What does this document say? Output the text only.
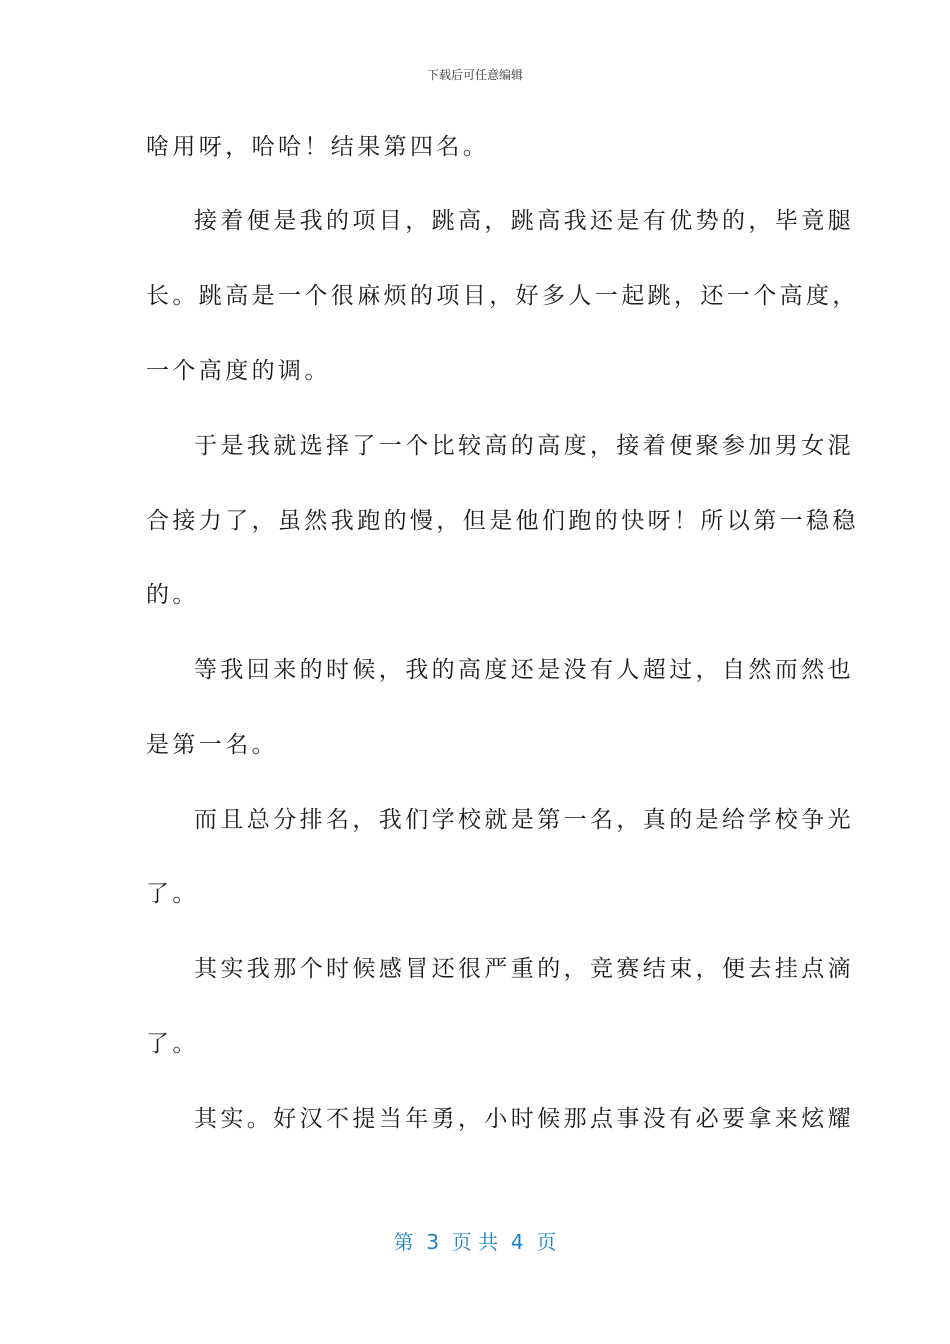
下载后可任意编辑
啥用呀，哈哈！结果第四名。
接着便是我的项目，跳高，跳高我还是有优势的，毕竟腿
长。跳高是一个很麻烦的项目，好多人一起跳，还一个高度，
一个高度的调。
于是我就选择了一个比较高的高度，接着便聚参加男女混
合接力了，虽然我跑的慢，但是他们跑的快呀！所以第一稳稳
的。
等我回来的时候，我的高度还是没有人超过，自然而然也
是第一名。
而且总分排名，我们学校就是第一名，真的是给学校争光
了。
其实我那个时候感冒还很严重的，竞赛结束，便去挂点滴
了。
其实。好汉不提当年勇，小时候那点事没有必要拿来炫耀
第  3  页 共  4  页
